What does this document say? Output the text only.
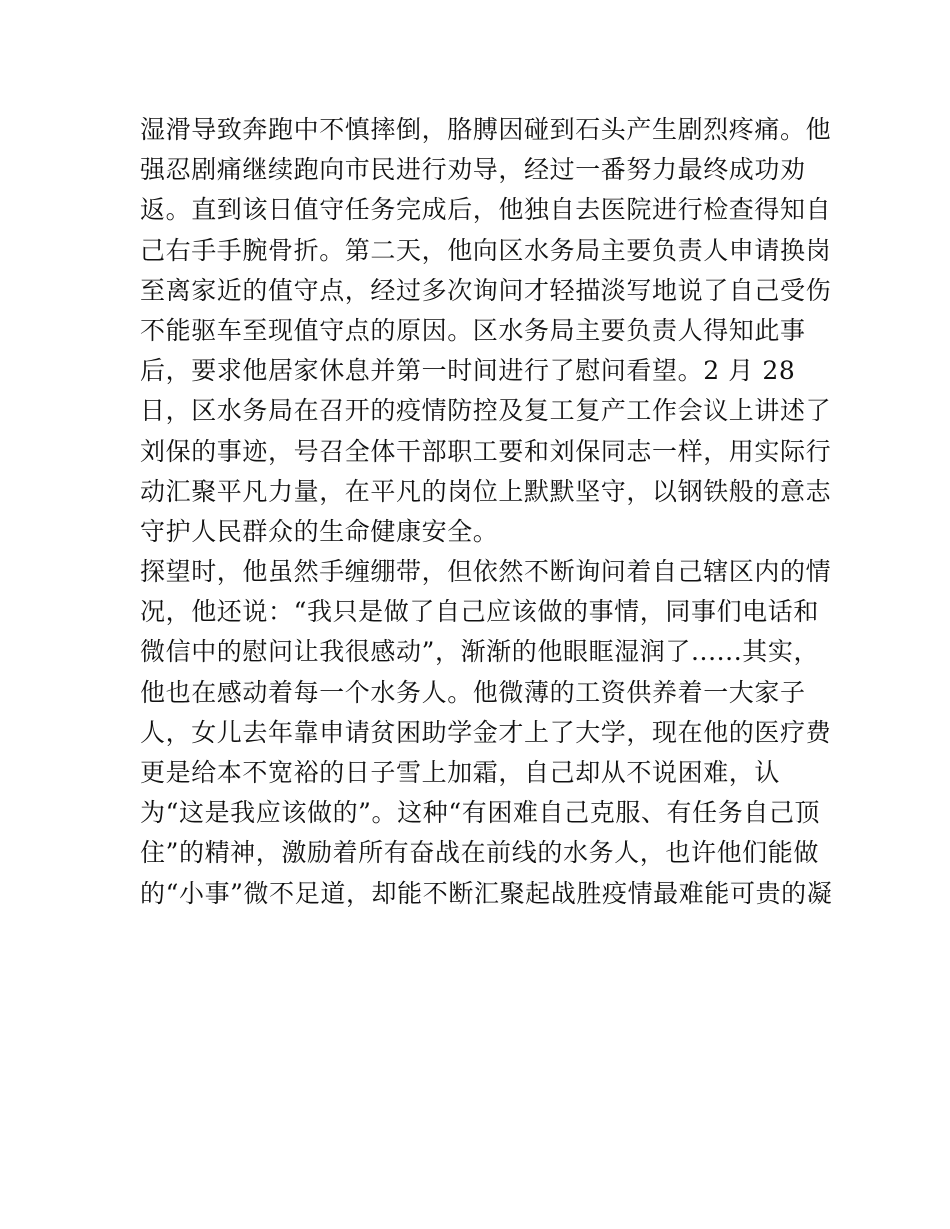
湿滑导致奔跑中不慎摔倒，胳膊因碰到石头产生剧烈疼痛。他
强忍剧痛继续跑向市民进行劝导，经过一番努力最终成功劝
返。直到该日值守任务完成后，他独自去医院进行检查得知自
己右手手腕骨折。第二天，他向区水务局主要负责人申请换岗
至离家近的值守点，经过多次询问才轻描淡写地说了自己受伤
不能驱车至现值守点的原因。区水务局主要负责人得知此事
后，要求他居家休息并第一时间进行了慰问看望。2 月 28
日，区水务局在召开的疫情防控及复工复产工作会议上讲述了
刘保的事迹，号召全体干部职工要和刘保同志一样，用实际行
动汇聚平凡力量，在平凡的岗位上默默坚守，以钢铁般的意志
守护人民群众的生命健康安全。
探望时，他虽然手缠绷带，但依然不断询问着自己辖区内的情
况，他还说：“我只是做了自己应该做的事情，同事们电话和
微信中的慰问让我很感动”，渐渐的他眼眶湿润了......其实，
他也在感动着每一个水务人。他微薄的工资供养着一大家子
人，女儿去年靠申请贫困助学金才上了大学，现在他的医疗费
更是给本不宽裕的日子雪上加霜，自己却从不说困难，认
为“这是我应该做的”。这种“有困难自己克服、有任务自己顶
住”的精神，激励着所有奋战在前线的水务人，也许他们能做
的“小事”微不足道，却能不断汇聚起战胜疫情最难能可贵的凝
